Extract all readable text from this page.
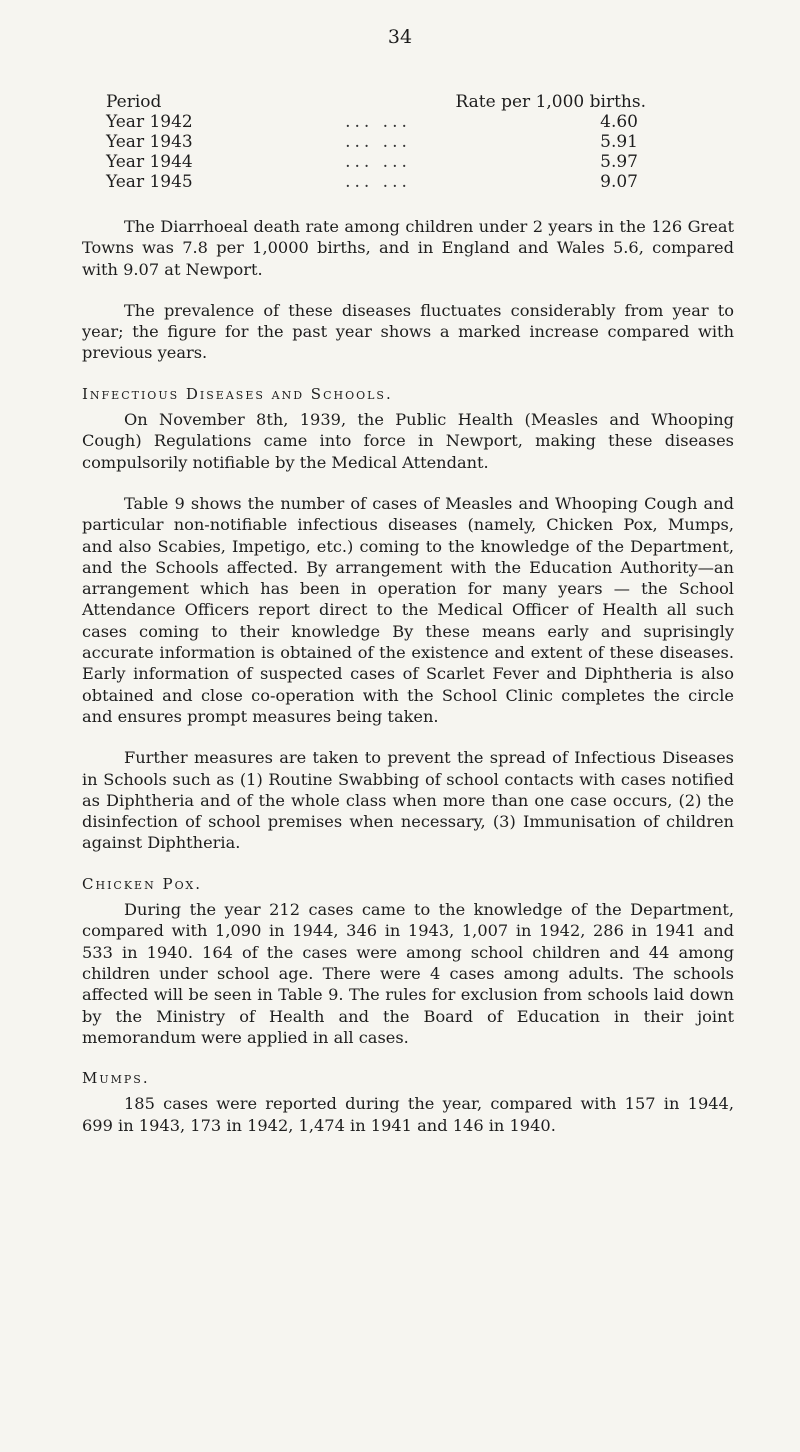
34
Period	Rate per 1,000 births.	
Year 1942	... ...	4.60
Year 1943	... ...	5.91
Year 1944	... ...	5.97
Year 1945	... ...	9.07

The Diarrhoeal death rate among children under 2 years in the 126 Great Towns was 7.8 per 1,0000 births, and in England and Wales 5.6, compared with 9.07 at Newport.

The prevalence of these diseases fluctuates considerably from year to year; the figure for the past year shows a marked increase compared with previous years.

Infectious Diseases and Schools.

On November 8th, 1939, the Public Health (Measles and Whooping Cough) Regulations came into force in Newport, making these diseases compulsorily notifiable by the Medical Attendant.

Table 9 shows the number of cases of Measles and Whooping Cough and particular non-notifiable infectious diseases (namely, Chicken Pox, Mumps, and also Scabies, Impetigo, etc.) coming to the knowledge of the Department, and the Schools affected. By arrangement with the Education Authority—an arrangement which has been in operation for many years — the School Attendance Officers report direct to the Medical Officer of Health all such cases coming to their knowledge By these means early and suprisingly accurate information is obtained of the existence and extent of these diseases. Early information of suspected cases of Scarlet Fever and Diphtheria is also obtained and close co-operation with the School Clinic completes the circle and ensures prompt measures being taken.

Further measures are taken to prevent the spread of Infectious Diseases in Schools such as (1) Routine Swabbing of school contacts with cases notified as Diphtheria and of the whole class when more than one case occurs, (2) the disinfection of school premises when necessary, (3) Immunisation of children against Diphtheria.

Chicken Pox.

During the year 212 cases came to the knowledge of the Department, compared with 1,090 in 1944, 346 in 1943, 1,007 in 1942, 286 in 1941 and 533 in 1940. 164 of the cases were among school children and 44 among children under school age. There were 4 cases among adults. The schools affected will be seen in Table 9. The rules for exclusion from schools laid down by the Ministry of Health and the Board of Education in their joint memorandum were applied in all cases.

Mumps.

185 cases were reported during the year, compared with 157 in 1944, 699 in 1943, 173 in 1942, 1,474 in 1941 and 146 in 1940.
